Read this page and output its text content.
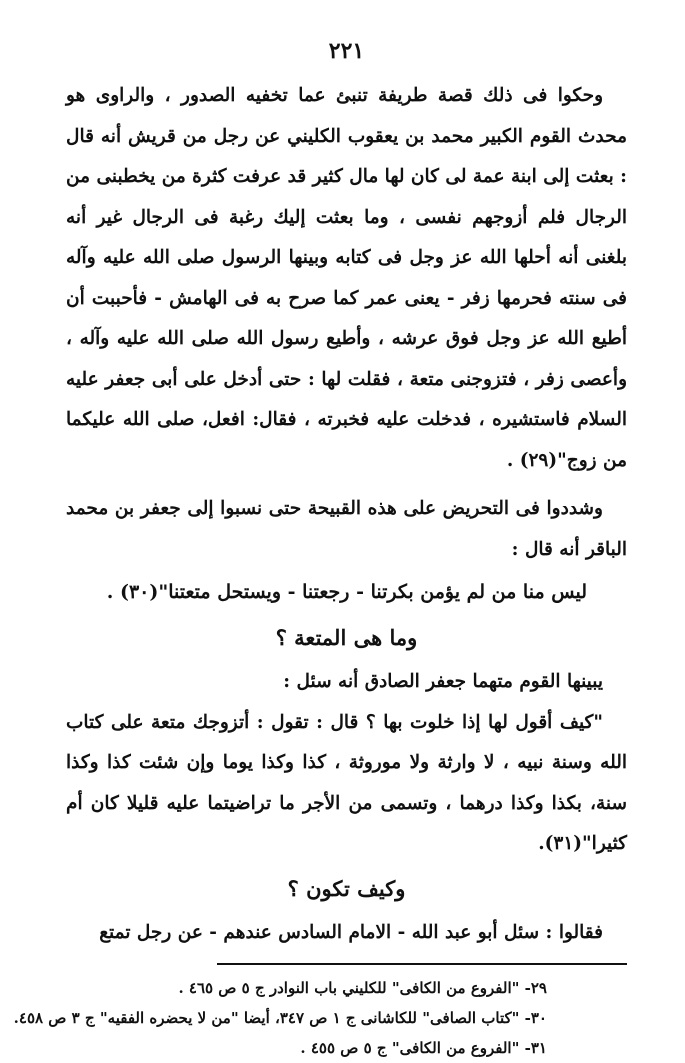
٢٢١

وحكوا فى ذلك قصة طريفة تنبئ عما تخفيه الصدور ، والراوى هو محدث القوم الكبير محمد بن يعقوب الكليني عن رجل من قريش أنه قال : بعثت إلى ابنة عمة لى كان لها مال كثير قد عرفت كثرة من يخطبنى من الرجال فلم أزوجهم نفسى ، وما بعثت إليك رغبة فى الرجال غير أنه بلغنى أنه أحلها الله عز وجل فى كتابه وبينها الرسول صلى الله عليه وآله فى سنته فحرمها زفر - يعنى عمر كما صرح به فى الهامش - فأحببت أن أطيع الله عز وجل فوق عرشه ، وأطيع رسول الله صلى الله عليه وآله ، وأعصى زفر ، فتزوجنى متعة ، فقلت لها : حتى أدخل على أبى جعفر عليه السلام فاستشيره ، فدخلت عليه فخبرته ، فقال: افعل، صلى الله عليكما من زوج"(٢٩) .

وشددوا فى التحريض على هذه القبيحة حتى نسبوا إلى جعفر بن محمد الباقر أنه قال :

ليس منا من لم يؤمن بكرتنا - رجعتنا - ويستحل متعتنا"(٣٠) .

وما هى المتعة ؟

يبينها القوم متهما جعفر الصادق أنه سئل :

"كيف أقول لها إذا خلوت بها ؟ قال : تقول : أتزوجك متعة على كتاب الله وسنة نبيه ، لا وارثة ولا موروثة ، كذا وكذا يوما وإن شئت كذا وكذا سنة، بكذا وكذا درهما ، وتسمى من الأجر ما تراضيتما عليه قليلا كان أم كثيرا"(٣١).

وكيف تكون ؟

فقالوا : سئل أبو عبد الله - الامام السادس عندهم - عن رجل تمتع

٢٩- "الفروع من الكافى" للكليني باب النوادر ج ٥ ص ٤٦٥ .
٣٠- "كتاب الصافى" للكاشانى ج ١ ص ٣٤٧، أيضا "من لا يحضره الفقيه" ج ٣ ص ٤٥٨.
٣١- "الفروع من الكافى" ج ٥ ص ٤٥٥ .
